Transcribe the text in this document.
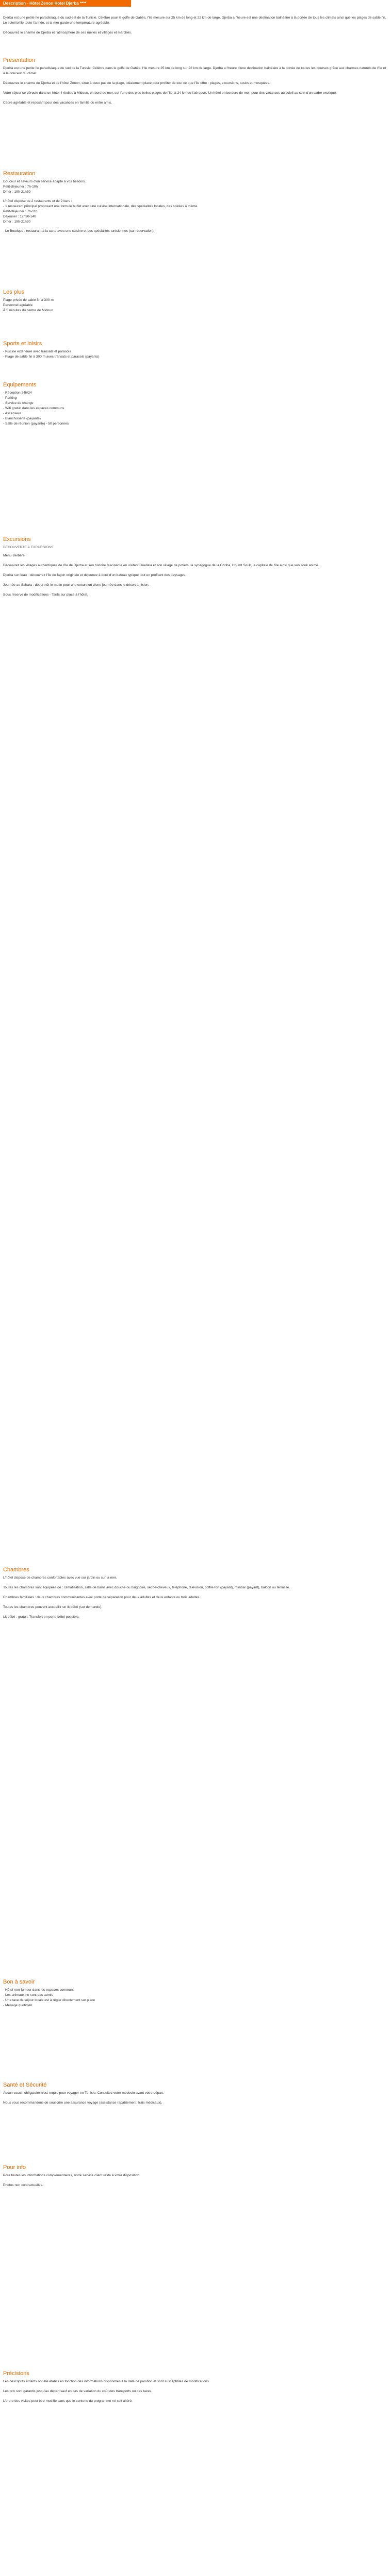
Description - Hôtel Zenon Hotel Djerba ****

Djerba est une petite île paradisiaque du sud-est de la Tunisie. Célèbre pour le golfe de Gabès, l'île mesure sur 25 km de long et 22 km de large. Djerba a l'heure est une destination balnéaire à la portée de tous les climats ainsi que les plages de sable fin. Le soleil brille toute l'année, et la mer garde une température agréable.

Découvrez le charme de Djerba et l'atmosphère de ses ruelles et villages et marchés.

Présentation

Djerba est une petite île paradisiaque du sud de la Tunisie. Célèbre dans le golfe de Gabès, l'île mesure 25 km de long sur 22 km de large. Djerba a l'heure d'une destination balnéaire à la portée de toutes les bourses grâce aux charmes naturels de l'île et à la douceur du climat.

Découvrez le charme de Djerba et de l'hôtel Zenon, situé à deux pas de la plage, idéalement placé pour profiter de tout ce que l'île offre : plages, excursions, souks et mosquées.

Votre séjour se déroule dans un hôtel 4 étoiles à Midoun, en bord de mer, sur l'une des plus belles plages de l'île, à 24 km de l'aéroport. Un hôtel en bordure de mer, pour des vacances au soleil au sein d'un cadre exotique.

Cadre agréable et reposant pour des vacances en famille ou entre amis.

Restauration

Douceur et saveurs d'un service adapté à vos besoins.

Petit-déjeuner : 7h-10h

Dîner : 19h-21h30

L'hôtel dispose de 2 restaurants et de 2 bars :

- 1 restaurant principal proposant une formule buffet avec une cuisine internationale, des spécialités locales, des soirées à thème.

Petit-déjeuner : 7h-11h

Déjeuner : 12h30-14h

Dîner : 19h-21h30

- Le Boutique : restaurant à la carte avec une cuisine et des spécialités tunisiennes (sur réservation).

Les plus

Plage privée de sable fin à 300 m

Personnel agréable

À 5 minutes du centre de Midoun

Sports et loisirs

- Piscine extérieure avec transats et parasols

- Plage de sable fin à 300 m avec transats et parasols (payants)

Equipements

- Réception 24h/24

- Parking

- Service de change

- Wifi gratuit dans les espaces communs

- Ascenseur

- Blanchisserie (payante)

- Salle de réunion (payante) - 50 personnes

Excursions

DÉCOUVERTE & EXCURSIONS

Menu Berbère :

Découvrez les villages authentiques de l'île de Djerba et son histoire fascinante en visitant Guellala et son village de potiers, la synagogue de la Ghriba, Houmt Souk, la capitale de l'île ainsi que son souk animé.

Djerba sur l'eau : découvrez l'île de façon originale et déjeunez à bord d'un bateau typique tout en profitant des paysages.

Journée au Sahara : départ tôt le matin pour une excursion d'une journée dans le désert tunisien.

Sous réserve de modifications - Tarifs sur place à l'hôtel.

Chambres

L'hôtel dispose de chambres confortables avec vue sur jardin ou sur la mer.

Toutes les chambres sont équipées de : climatisation, salle de bains avec douche ou baignoire, sèche-cheveux, téléphone, télévision, coffre-fort (payant), minibar (payant), balcon ou terrasse.

Chambres familiales : deux chambres communicantes avec porte de séparation pour deux adultes et deux enfants ou trois adultes.

Toutes les chambres peuvent accueillir un lit bébé (sur demande).

Lit bébé : gratuit. Transfert en porte-bébé possible.

Bon à savoir

- Hôtel non-fumeur dans les espaces communs

- Les animaux ne sont pas admis

- Une taxe de séjour locale est à régler directement sur place

- Ménage quotidien

Santé et Sécurité

Aucun vaccin obligatoire n'est requis pour voyager en Tunisie. Consultez votre médecin avant votre départ.

Nous vous recommandons de souscrire une assurance voyage (assistance rapatriement, frais médicaux).

Pour info

Pour toutes les informations complémentaires, notre service client reste à votre disposition.

Photos non contractuelles.

Précisions

Les descriptifs et tarifs ont été établis en fonction des informations disponibles à la date de parution et sont susceptibles de modifications.

Les prix sont garantis jusqu'au départ sauf en cas de variation du coût des transports ou des taxes.

L'ordre des visites peut être modifié sans que le contenu du programme ne soit altéré.
